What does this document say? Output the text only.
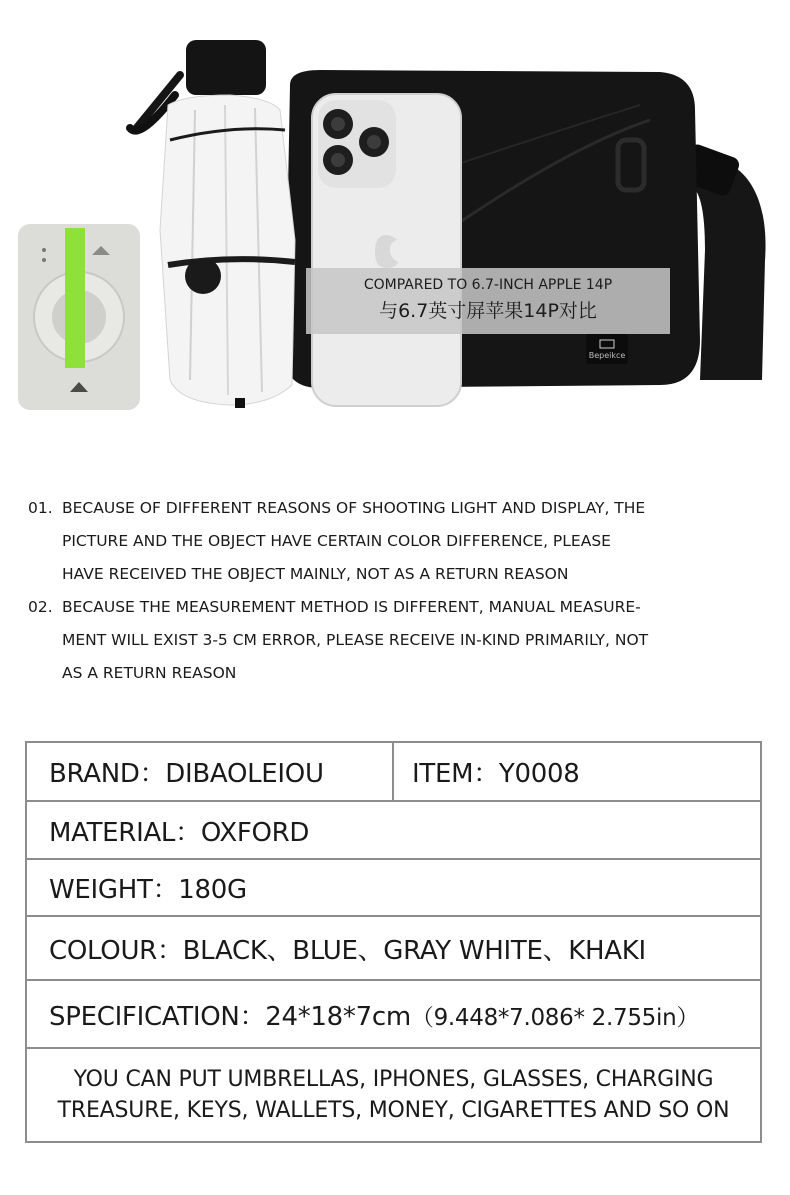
Bepeikce
COMPARED TO 6.7-INCH APPLE 14P
与6.7英寸屏苹果14P对比
01. BECAUSE OF DIFFERENT REASONS OF SHOOTING LIGHT AND DISPLAY, THE
PICTURE AND THE OBJECT HAVE CERTAIN COLOR DIFFERENCE, PLEASE
HAVE RECEIVED THE OBJECT MAINLY, NOT AS A RETURN REASON
02. BECAUSE THE MEASUREMENT METHOD IS DIFFERENT, MANUAL MEASURE-
MENT WILL EXIST 3-5 CM ERROR, PLEASE RECEIVE IN-KIND PRIMARILY, NOT
AS A RETURN REASON
BRAND：DIBAOLEIOU	ITEM：Y0008
MATERIAL：OXFORD
WEIGHT：180G
COLOUR：BLACK、BLUE、GRAY WHITE、KHAKI
SPECIFICATION：24*18*7cm（9.448*7.086* 2.755in）
YOU CAN PUT UMBRELLAS, IPHONES, GLASSES, CHARGING
TREASURE, KEYS, WALLETS, MONEY, CIGARETTES AND SO ON
